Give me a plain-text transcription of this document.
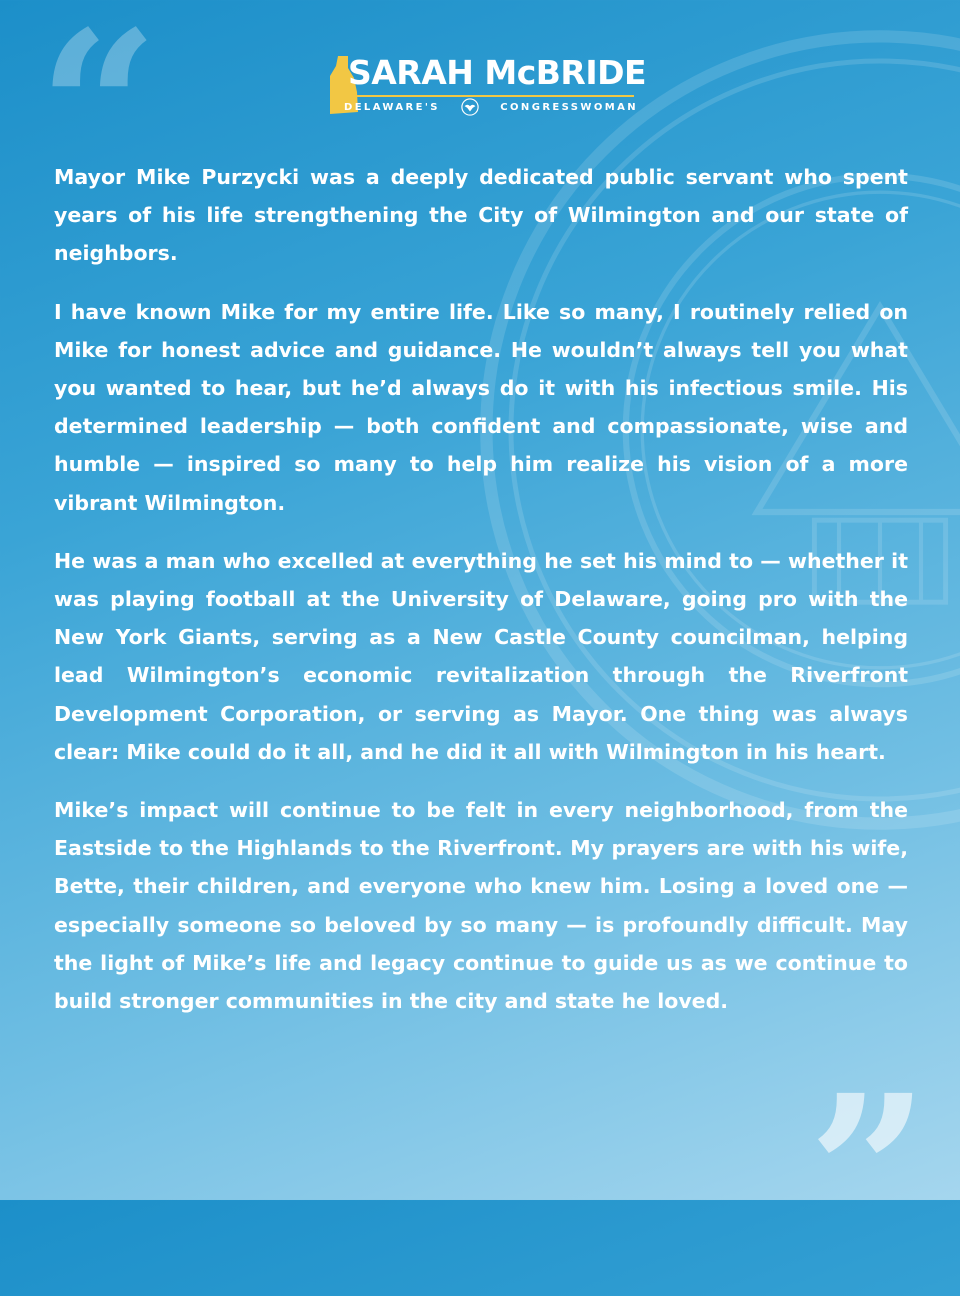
“
”
SARAH McBRIDE
DELAWARE'S	CONGRESSWOMAN

Mayor Mike Purzycki was a deeply dedicated public servant who spent years of his life strengthening the City of Wilmington and our state of neighbors.

I have known Mike for my entire life. Like so many, I routinely relied on Mike for honest advice and guidance. He wouldn’t always tell you what you wanted to hear, but he’d always do it with his infectious smile. His determined leadership — both confident and compassionate, wise and humble — inspired so many to help him realize his vision of a more vibrant Wilmington.

He was a man who excelled at everything he set his mind to — whether it was playing football at the University of Delaware, going pro with the New York Giants, serving as a New Castle County councilman, helping lead Wilmington’s economic revitalization through the Riverfront Development Corporation, or serving as Mayor. One thing was always clear: Mike could do it all, and he did it all with Wilmington in his heart.

Mike’s impact will continue to be felt in every neighborhood, from the Eastside to the Highlands to the Riverfront. My prayers are with his wife, Bette, their children, and everyone who knew him. Losing a loved one — especially someone so beloved by so many — is profoundly difficult. May the light of Mike’s life and legacy continue to guide us as we continue to build stronger communities in the city and state he loved.
